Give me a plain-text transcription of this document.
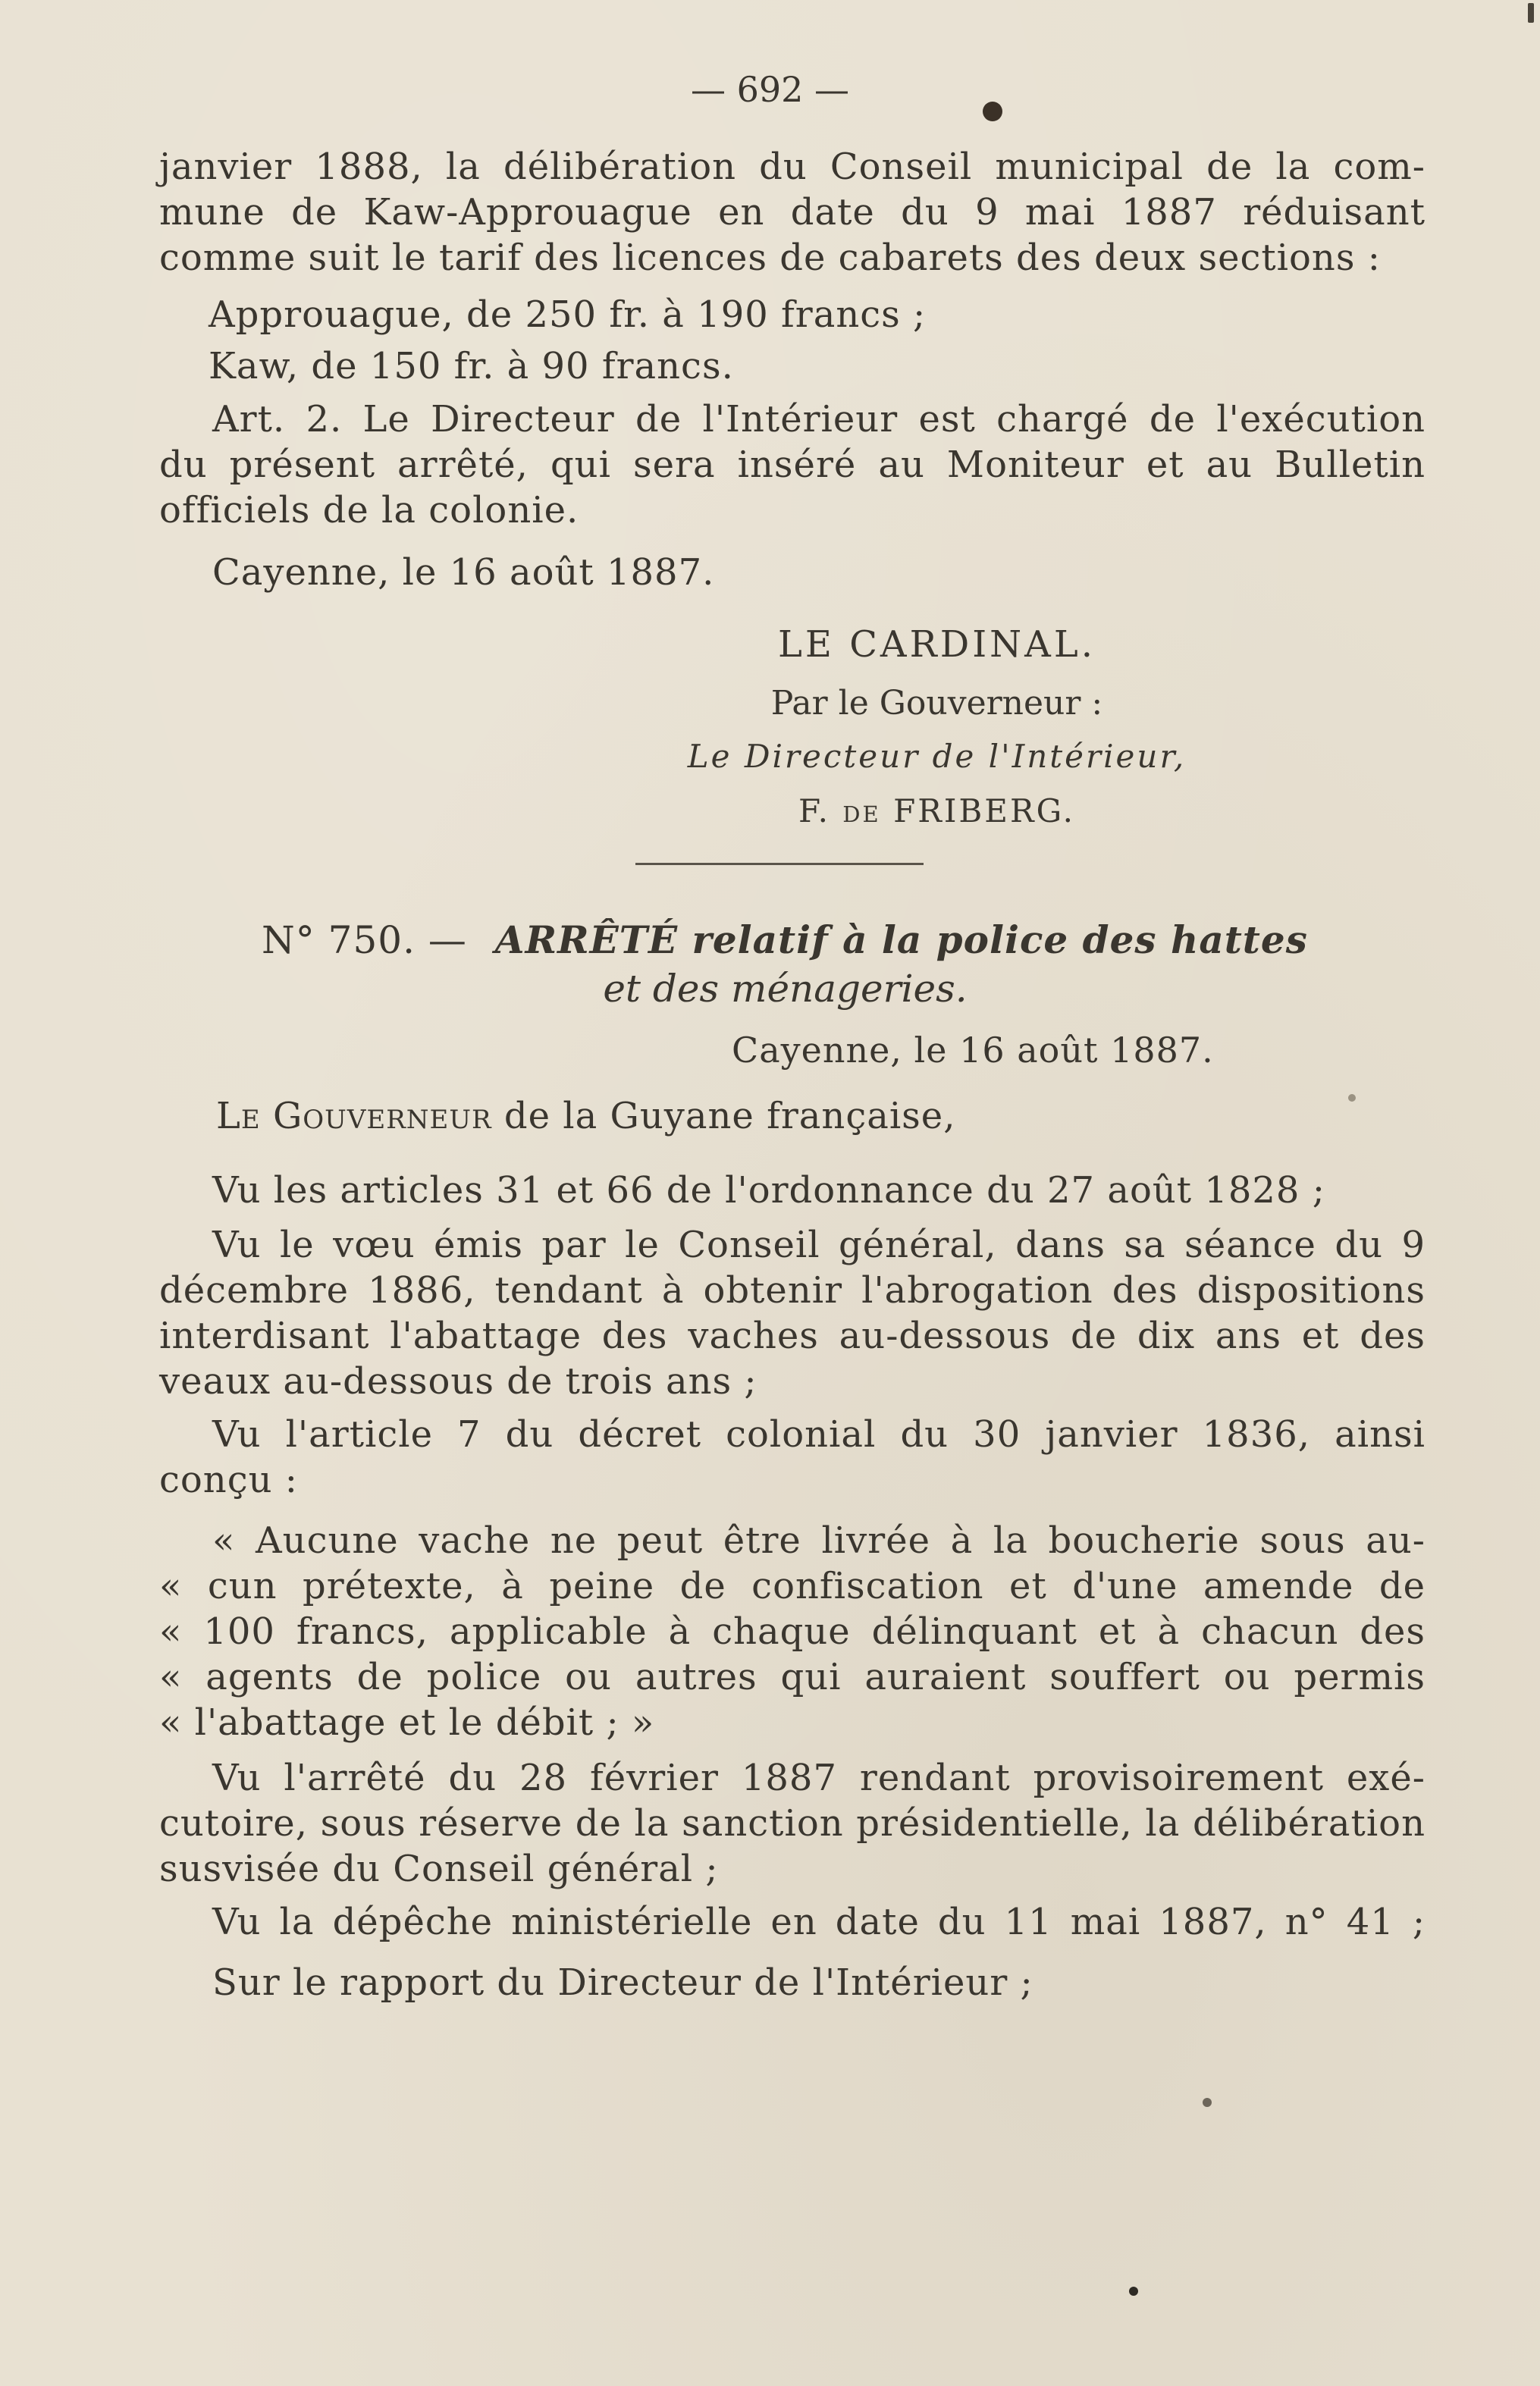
— 692 —
janvier 1888, la délibération du Conseil municipal de la com-
mune de Kaw-Approuague en date du 9 mai 1887 réduisant
comme suit le tarif des licences de cabarets des deux sections :
Approuague, de 250 fr. à 190 francs ;
Kaw, de 150 fr. à 90 francs.
Art. 2. Le Directeur de l'Intérieur est chargé de l'exécution
du présent arrêté, qui sera inséré au Moniteur et au Bulletin
officiels de la colonie.
Cayenne, le 16 août 1887.
LE CARDINAL.
Par le Gouverneur :
Le Directeur de l'Intérieur,
F. de FRIBERG.
N° 750. — ARRÊTÉ relatif à la police des hattes
et des ménageries.
Cayenne, le 16 août 1887.
Le Gouverneur de la Guyane française,
Vu les articles 31 et 66 de l'ordonnance du 27 août 1828 ;
Vu le vœu émis par le Conseil général, dans sa séance du 9
décembre 1886, tendant à obtenir l'abrogation des dispositions
interdisant l'abattage des vaches au-dessous de dix ans et des
veaux au-dessous de trois ans ;
Vu l'article 7 du décret colonial du 30 janvier 1836, ainsi
conçu :
« Aucune vache ne peut être livrée à la boucherie sous au-
« cun prétexte, à peine de confiscation et d'une amende de
« 100 francs, applicable à chaque délinquant et à chacun des
« agents de police ou autres qui auraient souffert ou permis
« l'abattage et le débit ; »
Vu l'arrêté du 28 février 1887 rendant provisoirement exé-
cutoire, sous réserve de la sanction présidentielle, la délibération
susvisée du Conseil général ;
Vu la dépêche ministérielle en date du 11 mai 1887, n° 41 ;
Sur le rapport du Directeur de l'Intérieur ;
